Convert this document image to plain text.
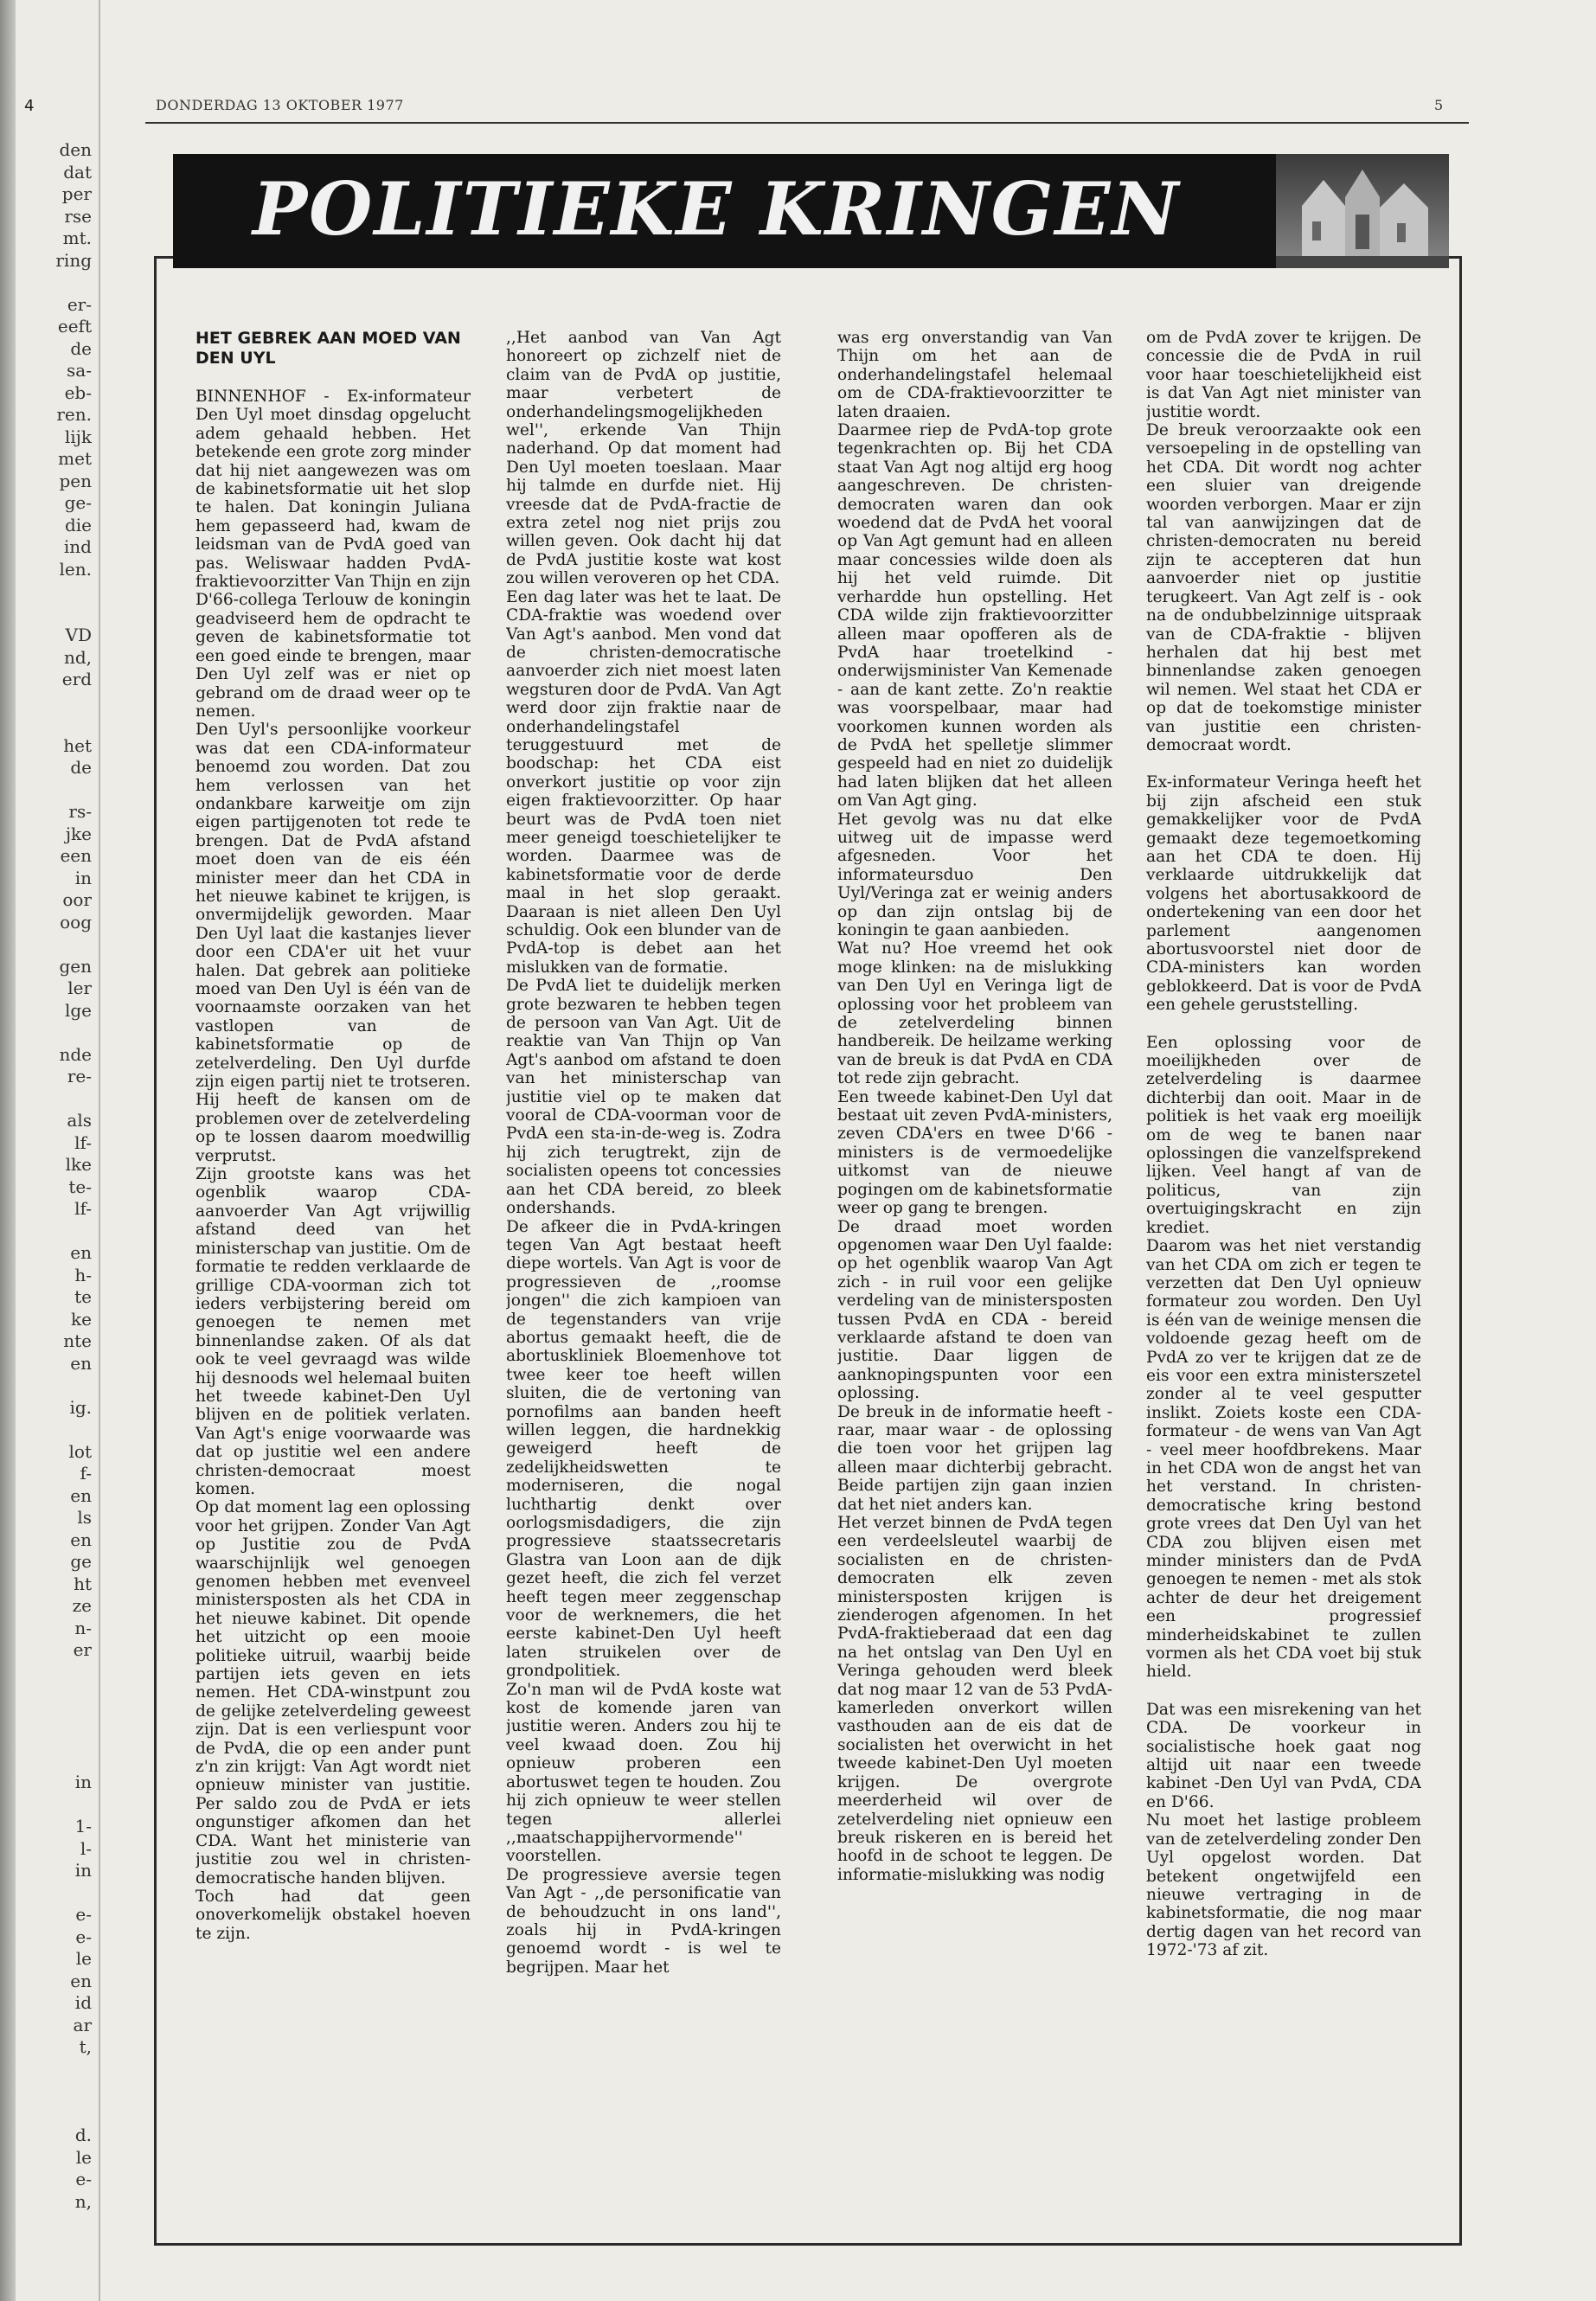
4
den
dat
per
rse
mt.
ring
er-
eeft
de
sa-
eb-
ren.
lijk
met
pen
ge-
die
ind
len.
VD
nd,
erd
het
de
rs-
jke
een
in
oor
oog
gen
ler
lge
nde
re-
als
lf-
lke
te-
lf-
en
h-
te
ke
nte
en
ig.
lot
f-
en
ls
en
ge
ht
ze
n-
er
in
1-
l-
in
e-
e-
le
en
id
ar
t,
d.
le
e-
n,
DONDERDAG 13 OKTOBER 1977	5
POLITIEKE KRINGEN

HET GEBREK AAN MOED VAN DEN UYL

BINNENHOF - Ex-informateur Den Uyl moet dinsdag opgelucht adem gehaald hebben. Het betekende een grote zorg minder dat hij niet aangewezen was om de kabinetsformatie uit het slop te halen. Dat koningin Juliana hem gepasseerd had, kwam de leidsman van de PvdA goed van pas. Weliswaar hadden PvdA-fraktievoorzitter Van Thijn en zijn D'66-collega Terlouw de koningin geadviseerd hem de opdracht te geven de kabinetsformatie tot een goed einde te brengen, maar Den Uyl zelf was er niet op gebrand om de draad weer op te nemen.

Den Uyl's persoonlijke voorkeur was dat een CDA-informateur benoemd zou worden. Dat zou hem verlossen van het ondankbare karweitje om zijn eigen partijgenoten tot rede te brengen. Dat de PvdA afstand moet doen van de eis één minister meer dan het CDA in het nieuwe kabinet te krijgen, is onvermijdelijk geworden. Maar Den Uyl laat die kastanjes liever door een CDA'er uit het vuur halen. Dat gebrek aan politieke moed van Den Uyl is één van de voornaamste oorzaken van het vastlopen van de kabinetsformatie op de zetelverdeling. Den Uyl durfde zijn eigen partij niet te trotseren. Hij heeft de kansen om de problemen over de zetelverdeling op te lossen daarom moedwillig verprutst.

Zijn grootste kans was het ogenblik waarop CDA-aanvoerder Van Agt vrijwillig afstand deed van het ministerschap van justitie. Om de formatie te redden verklaarde de grillige CDA-voorman zich tot ieders verbijstering bereid om genoegen te nemen met binnenlandse zaken. Of als dat ook te veel gevraagd was wilde hij desnoods wel helemaal buiten het tweede kabinet-Den Uyl blijven en de politiek verlaten. Van Agt's enige voorwaarde was dat op justitie wel een andere christen-democraat moest komen.

Op dat moment lag een oplossing voor het grijpen. Zonder Van Agt op Justitie zou de PvdA waarschijnlijk wel genoegen genomen hebben met evenveel ministersposten als het CDA in het nieuwe kabinet. Dit opende het uitzicht op een mooie politieke uitruil, waarbij beide partijen iets geven en iets nemen. Het CDA-winstpunt zou de gelijke zetelverdeling geweest zijn. Dat is een verliespunt voor de PvdA, die op een ander punt z'n zin krijgt: Van Agt wordt niet opnieuw minister van justitie. Per saldo zou de PvdA er iets ongunstiger afkomen dan het CDA. Want het ministerie van justitie zou wel in christen-democratische handen blijven.

Toch had dat geen onoverkomelijk obstakel hoeven te zijn.

,,Het aanbod van Van Agt honoreert op zichzelf niet de claim van de PvdA op justitie, maar verbetert de onderhandelingsmogelijkheden wel'', erkende Van Thijn naderhand. Op dat moment had Den Uyl moeten toeslaan. Maar hij talmde en durfde niet. Hij vreesde dat de PvdA-fractie de extra zetel nog niet prijs zou willen geven. Ook dacht hij dat de PvdA justitie koste wat kost zou willen veroveren op het CDA.

Een dag later was het te laat. De CDA-fraktie was woedend over Van Agt's aanbod. Men vond dat de christen-democratische aanvoerder zich niet moest laten wegsturen door de PvdA. Van Agt werd door zijn fraktie naar de onderhandelingstafel teruggestuurd met de boodschap: het CDA eist onverkort justitie op voor zijn eigen fraktievoorzitter. Op haar beurt was de PvdA toen niet meer geneigd toeschietelijker te worden. Daarmee was de kabinetsformatie voor de derde maal in het slop geraakt. Daaraan is niet alleen Den Uyl schuldig. Ook een blunder van de PvdA-top is debet aan het mislukken van de formatie.

De PvdA liet te duidelijk merken grote bezwaren te hebben tegen de persoon van Van Agt. Uit de reaktie van Van Thijn op Van Agt's aanbod om afstand te doen van het ministerschap van justitie viel op te maken dat vooral de CDA-voorman voor de PvdA een sta-in-de-weg is. Zodra hij zich terugtrekt, zijn de socialisten opeens tot concessies aan het CDA bereid, zo bleek ondershands.

De afkeer die in PvdA-kringen tegen Van Agt bestaat heeft diepe wortels. Van Agt is voor de progressieven de ,,roomse jongen'' die zich kampioen van de tegenstanders van vrije abortus gemaakt heeft, die de abortuskliniek Bloemenhove tot twee keer toe heeft willen sluiten, die de vertoning van pornofilms aan banden heeft willen leggen, die hardnekkig geweigerd heeft de zedelijkheidswetten te moderniseren, die nogal luchthartig denkt over oorlogsmisdadigers, die zijn progressieve staatssecretaris Glastra van Loon aan de dijk gezet heeft, die zich fel verzet heeft tegen meer zeggenschap voor de werknemers, die het eerste kabinet-Den Uyl heeft laten struikelen over de grondpolitiek.

Zo'n man wil de PvdA koste wat kost de komende jaren van justitie weren. Anders zou hij te veel kwaad doen. Zou hij opnieuw proberen een abortuswet tegen te houden. Zou hij zich opnieuw te weer stellen tegen allerlei ,,maatschappijhervormende'' voorstellen.

De progressieve aversie tegen Van Agt - ,,de personificatie van de behoudzucht in ons land'', zoals hij in PvdA-kringen genoemd wordt - is wel te begrijpen. Maar het

was erg onverstandig van Van Thijn om het aan de onderhandelingstafel helemaal om de CDA-fraktievoorzitter te laten draaien.

Daarmee riep de PvdA-top grote tegenkrachten op. Bij het CDA staat Van Agt nog altijd erg hoog aangeschreven. De christen-democraten waren dan ook woedend dat de PvdA het vooral op Van Agt gemunt had en alleen maar concessies wilde doen als hij het veld ruimde. Dit verhardde hun opstelling. Het CDA wilde zijn fraktievoorzitter alleen maar opofferen als de PvdA haar troetelkind - onderwijsminister Van Kemenade - aan de kant zette. Zo'n reaktie was voorspelbaar, maar had voorkomen kunnen worden als de PvdA het spelletje slimmer gespeeld had en niet zo duidelijk had laten blijken dat het alleen om Van Agt ging.

Het gevolg was nu dat elke uitweg uit de impasse werd afgesneden. Voor het informateursduo Den Uyl/Veringa zat er weinig anders op dan zijn ontslag bij de koningin te gaan aanbieden.

Wat nu? Hoe vreemd het ook moge klinken: na de mislukking van Den Uyl en Veringa ligt de oplossing voor het probleem van de zetelverdeling binnen handbereik. De heilzame werking van de breuk is dat PvdA en CDA tot rede zijn gebracht.

Een tweede kabinet-Den Uyl dat bestaat uit zeven PvdA-ministers, zeven CDA'ers en twee D'66 -ministers is de vermoedelijke uitkomst van de nieuwe pogingen om de kabinetsformatie weer op gang te brengen.

De draad moet worden opgenomen waar Den Uyl faalde: op het ogenblik waarop Van Agt zich - in ruil voor een gelijke verdeling van de ministersposten tussen PvdA en CDA - bereid verklaarde afstand te doen van justitie. Daar liggen de aanknopingspunten voor een oplossing.

De breuk in de informatie heeft - raar, maar waar - de oplossing die toen voor het grijpen lag alleen maar dichterbij gebracht. Beide partijen zijn gaan inzien dat het niet anders kan.

Het verzet binnen de PvdA tegen een verdeelsleutel waarbij de socialisten en de christen-democraten elk zeven ministersposten krijgen is zienderogen afgenomen. In het PvdA-fraktieberaad dat een dag na het ontslag van Den Uyl en Veringa gehouden werd bleek dat nog maar 12 van de 53 PvdA-kamerleden onverkort willen vasthouden aan de eis dat de socialisten het overwicht in het tweede kabinet-Den Uyl moeten krijgen. De overgrote meerderheid wil over de zetelverdeling niet opnieuw een breuk riskeren en is bereid het hoofd in de schoot te leggen. De informatie-mislukking was nodig

om de PvdA zover te krijgen. De concessie die de PvdA in ruil voor haar toeschietelijkheid eist is dat Van Agt niet minister van justitie wordt.

De breuk veroorzaakte ook een versoepeling in de opstelling van het CDA. Dit wordt nog achter een sluier van dreigende woorden verborgen. Maar er zijn tal van aanwijzingen dat de christen-democraten nu bereid zijn te accepteren dat hun aanvoerder niet op justitie terugkeert. Van Agt zelf is - ook na de ondubbelzinnige uitspraak van de CDA-fraktie - blijven herhalen dat hij best met binnenlandse zaken genoegen wil nemen. Wel staat het CDA er op dat de toekomstige minister van justitie een christen-democraat wordt.

Ex-informateur Veringa heeft het bij zijn afscheid een stuk gemakkelijker voor de PvdA gemaakt deze tegemoetkoming aan het CDA te doen. Hij verklaarde uitdrukkelijk dat volgens het abortusakkoord de ondertekening van een door het parlement aangenomen abortusvoorstel niet door de CDA-ministers kan worden geblokkeerd. Dat is voor de PvdA een gehele geruststelling.

Een oplossing voor de moeilijkheden over de zetelverdeling is daarmee dichterbij dan ooit. Maar in de politiek is het vaak erg moeilijk om de weg te banen naar oplossingen die vanzelfsprekend lijken. Veel hangt af van de politicus, van zijn overtuigingskracht en zijn krediet.

Daarom was het niet verstandig van het CDA om zich er tegen te verzetten dat Den Uyl opnieuw formateur zou worden. Den Uyl is één van de weinige mensen die voldoende gezag heeft om de PvdA zo ver te krijgen dat ze de eis voor een extra ministerszetel zonder al te veel gesputter inslikt. Zoiets koste een CDA-formateur - de wens van Van Agt - veel meer hoofdbrekens. Maar in het CDA won de angst het van het verstand. In christen-democratische kring bestond grote vrees dat Den Uyl van het CDA zou blijven eisen met minder ministers dan de PvdA genoegen te nemen - met als stok achter de deur het dreigement een progressief minderheidskabinet te zullen vormen als het CDA voet bij stuk hield.

Dat was een misrekening van het CDA. De voorkeur in socialistische hoek gaat nog altijd uit naar een tweede kabinet -Den Uyl van PvdA, CDA en D'66.

Nu moet het lastige probleem van de zetelverdeling zonder Den Uyl opgelost worden. Dat betekent ongetwijfeld een nieuwe vertraging in de kabinetsformatie, die nog maar dertig dagen van het record van 1972-'73 af zit.
